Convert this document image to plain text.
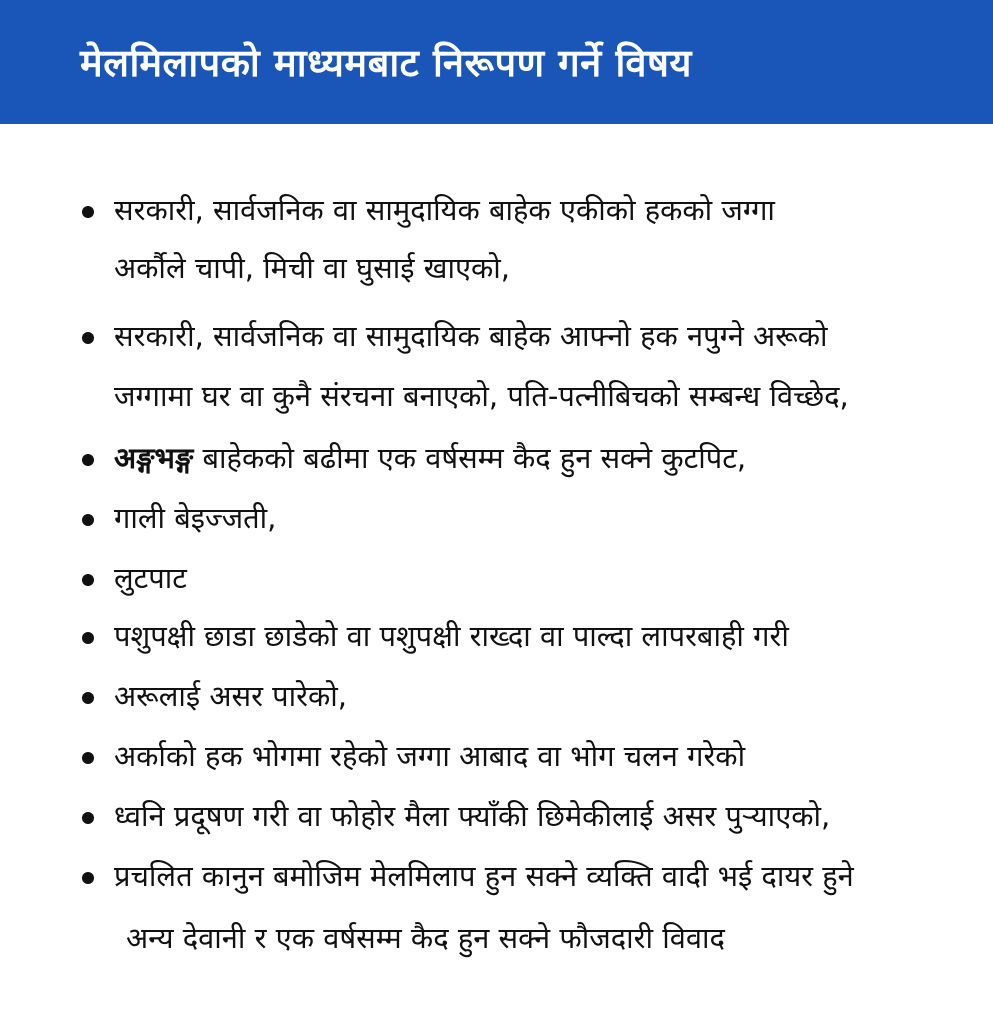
मेलमिलापको माध्यमबाट निरूपण गर्ने विषय
सरकारी, सार्वजनिक वा सामुदायिक बाहेक एकीको हकको जग्गा
अर्कौले चापी, मिची वा घुसाई खाएको,
सरकारी, सार्वजनिक वा सामुदायिक बाहेक आफ्नो हक नपुग्ने अरूको
जग्गामा घर वा कुनै संरचना बनाएको, पति-पत्नीबिचको सम्बन्ध विच्छेद,
अङ्गभङ्ग बाहेकको बढीमा एक वर्षसम्म कैद हुन सक्ने कुटपिट,
गाली बेइज्जती,
लुटपाट
पशुपक्षी छाडा छाडेको वा पशुपक्षी राख्दा वा पाल्दा लापरबाही गरी
अरूलाई असर पारेको,
अर्काको हक भोगमा रहेको जग्गा आबाद वा भोग चलन गरेको
ध्वनि प्रदूषण गरी वा फोहोर मैला फ्याँकी छिमेकीलाई असर पुऱ्याएको,
प्रचलित कानुन बमोजिम मेलमिलाप हुन सक्ने व्यक्ति वादी भई दायर हुने
अन्य देवानी र एक वर्षसम्म कैद हुन सक्ने फौजदारी विवाद
